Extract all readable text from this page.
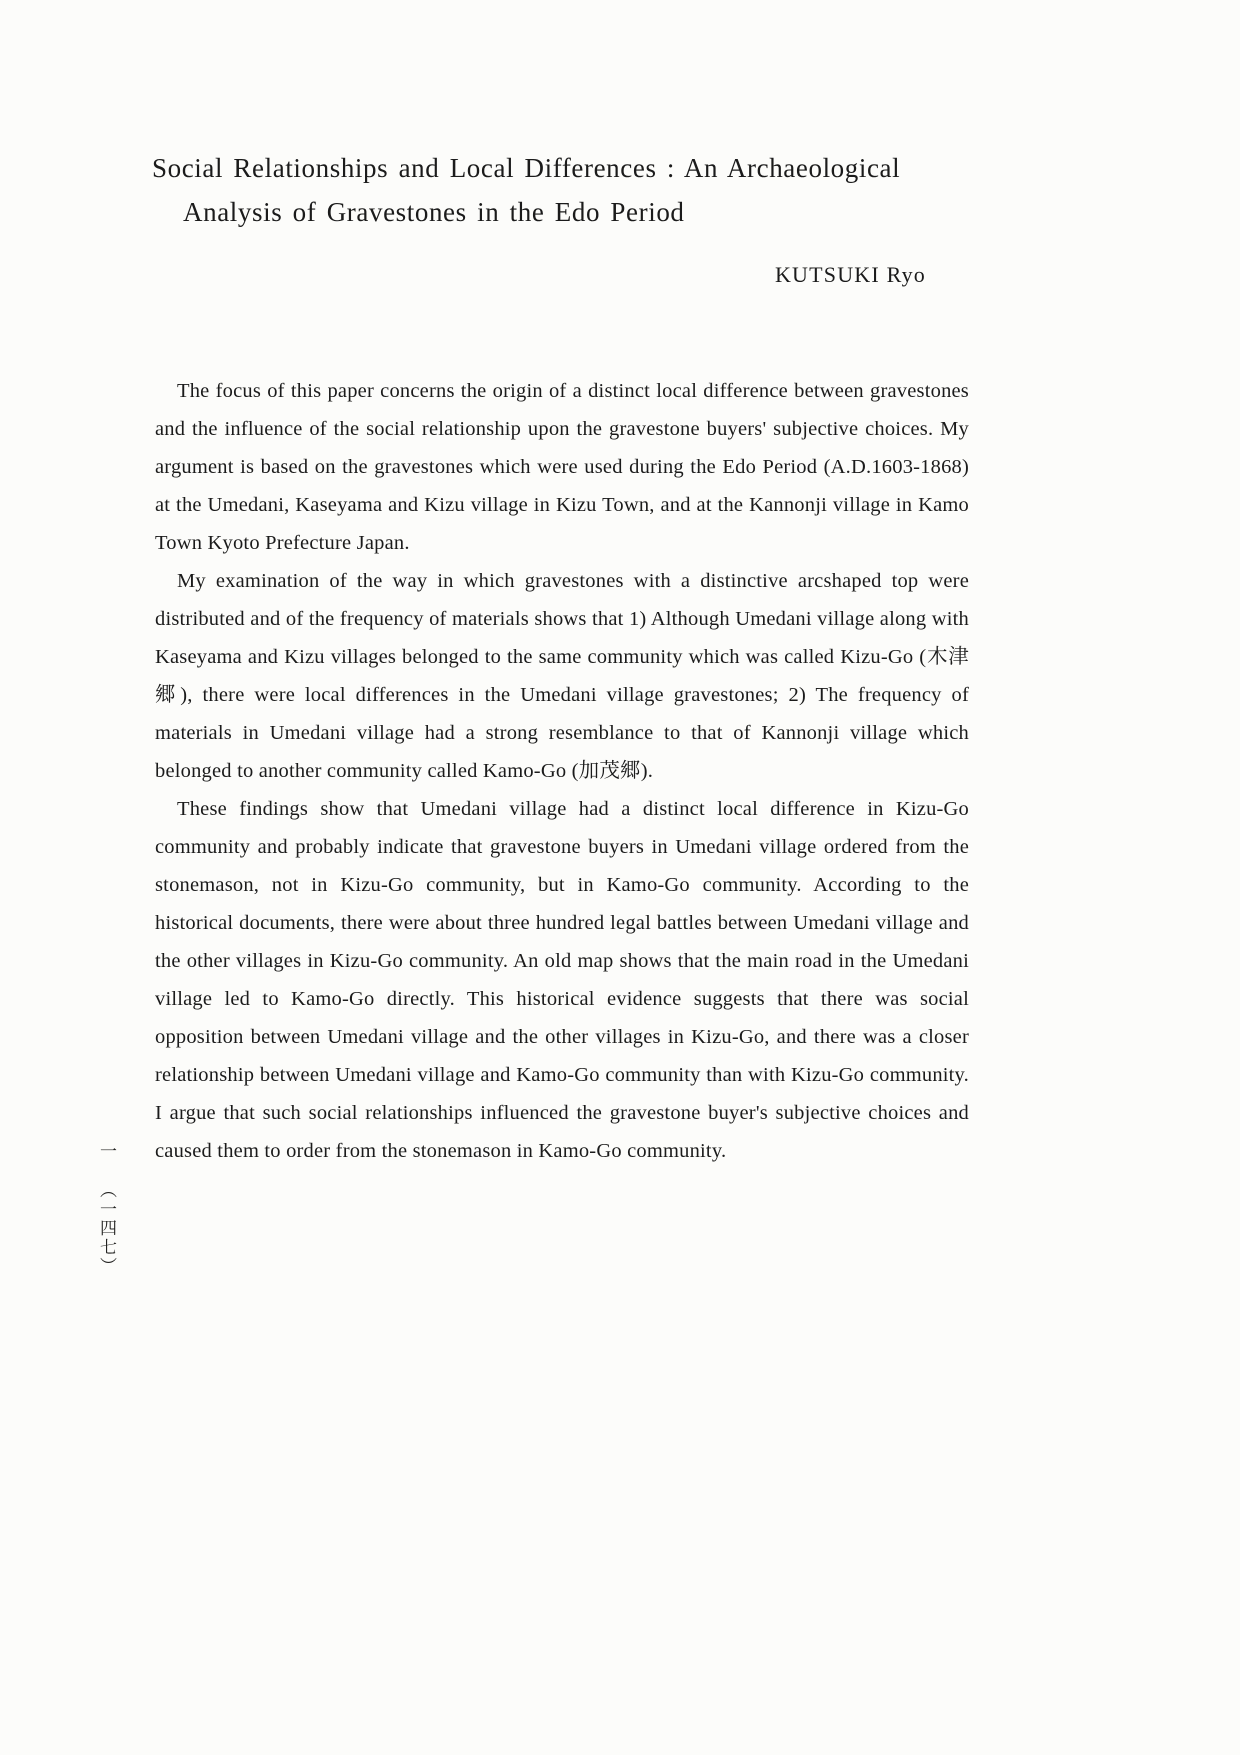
Social Relationships and Local Differences : An Archaeological
Analysis of Gravestones in the Edo Period
KUTSUKI Ryo

The focus of this paper concerns the origin of a distinct local difference between gravestones and the influence of the social relationship upon the gravestone buyers' subjective choices. My argument is based on the gravestones which were used during the Edo Period (A.D.1603-1868) at the Umedani, Kaseyama and Kizu village in Kizu Town, and at the Kannonji village in Kamo Town Kyoto Prefecture Japan.

My examination of the way in which gravestones with a distinctive arcshaped top were distributed and of the frequency of materials shows that 1) Although Umedani village along with Kaseyama and Kizu villages belonged to the same community which was called Kizu-Go (木津郷), there were local differences in the Umedani village gravestones; 2) The frequency of materials in Umedani village had a strong resemblance to that of Kannonji village which belonged to another community called Kamo-Go (加茂郷).

These findings show that Umedani village had a distinct local difference in Kizu-Go community and probably indicate that gravestone buyers in Umedani village ordered from the stonemason, not in Kizu-Go community, but in Kamo-Go community. According to the historical documents, there were about three hundred legal battles between Umedani village and the other villages in Kizu-Go community. An old map shows that the main road in the Umedani village led to Kamo-Go directly. This historical evidence suggests that there was social opposition between Umedani village and the other villages in Kizu-Go, and there was a closer relationship between Umedani village and Kamo-Go community than with Kizu-Go community. I argue that such social relationships influenced the gravestone buyer's subjective choices and caused them to order from the stonemason in Kamo-Go community.

一
（一四七）
